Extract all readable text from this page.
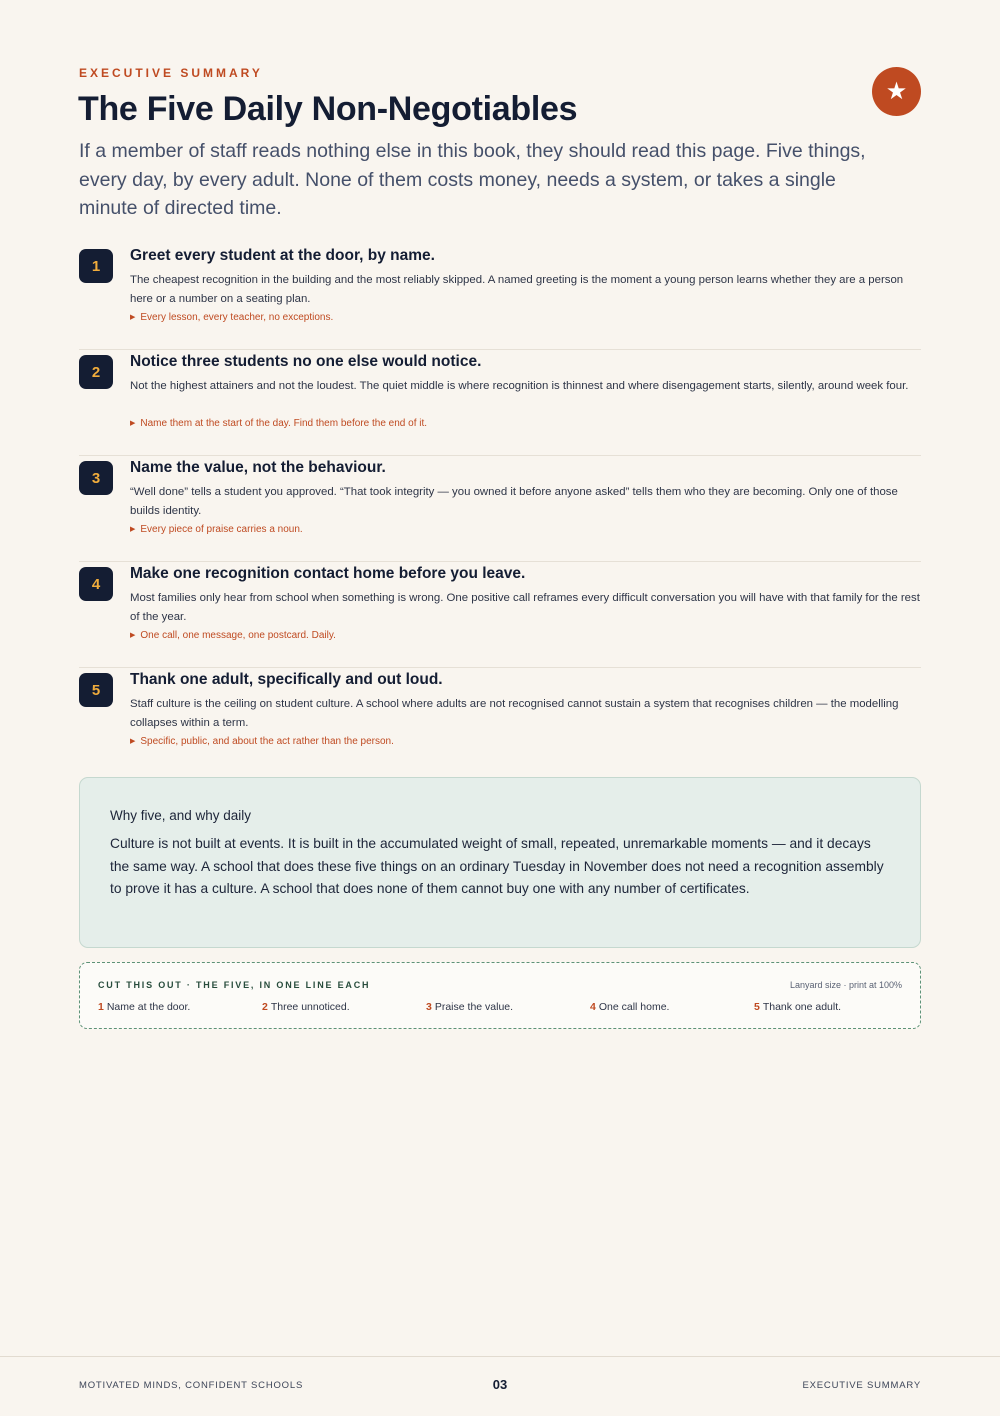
EXECUTIVE SUMMARY
★
The Five Daily Non-Negotiables

If a member of staff reads nothing else in this book, they should read this page. Five things, every day, by every adult. None of them costs money, needs a system, or takes a single minute of directed time.

1
Greet every student at the door, by name.

The cheapest recognition in the building and the most reliably skipped. A named greeting is the moment a young person learns whether they are a person here or a number on a seating plan.

▶ Every lesson, every teacher, no exceptions.

2
Notice three students no one else would notice.

Not the highest attainers and not the loudest. The quiet middle is where recognition is thinnest and where disengagement starts, silently, around week four.

▶ Name them at the start of the day. Find them before the end of it.

3
Name the value, not the behaviour.

“Well done” tells a student you approved. “That took integrity — you owned it before anyone asked” tells them who they are becoming. Only one of those builds identity.

▶ Every piece of praise carries a noun.

4
Make one recognition contact home before you leave.

Most families only hear from school when something is wrong. One positive call reframes every difficult conversation you will have with that family for the rest of the year.

▶ One call, one message, one postcard. Daily.

5
Thank one adult, specifically and out loud.

Staff culture is the ceiling on student culture. A school where adults are not recognised cannot sustain a system that recognises children — the modelling collapses within a term.

▶ Specific, public, and about the act rather than the person.

Why five, and why daily

Culture is not built at events. It is built in the accumulated weight of small, repeated, unremarkable moments — and it decays the same way. A school that does these five things on an ordinary Tuesday in November does not need a recognition assembly to prove it has a culture. A school that does none of them cannot buy one with any number of certificates.

CUT THIS OUT · THE FIVE, IN ONE LINE EACH	Lanyard size · print at 100%

1 Name at the door.	2 Three unnoticed.	3 Praise the value.	4 One call home.	5 Thank one adult.
MOTIVATED MINDS, CONFIDENT SCHOOLS	03	EXECUTIVE SUMMARY
